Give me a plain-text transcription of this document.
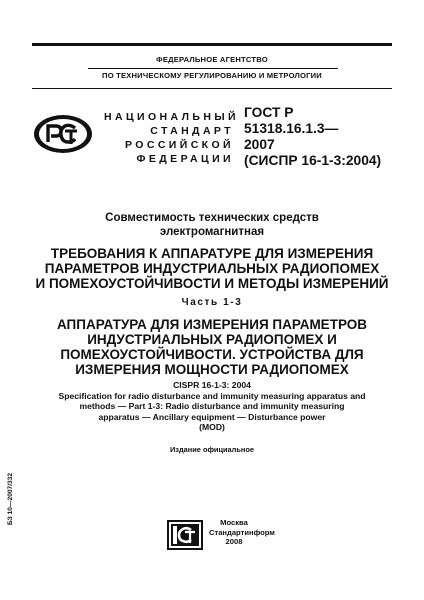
ФЕДЕРАЛЬНОЕ АГЕНТСТВО
ПО ТЕХНИЧЕСКОМУ РЕГУЛИРОВАНИЮ И МЕТРОЛОГИИ
НАЦИОНАЛЬНЫЙ
СТАНДАРТ
РОССИЙСКОЙ
ФЕДЕРАЦИИ
ГОСТ Р
51318.16.1.3—
2007
(СИСПР 16-1-3:2004)
Совместимость технических средств
электромагнитная
ТРЕБОВАНИЯ К АППАРАТУРЕ ДЛЯ ИЗМЕРЕНИЯ
ПАРАМЕТРОВ ИНДУСТРИАЛЬНЫХ РАДИОПОМЕХ
И ПОМЕХОУСТОЙЧИВОСТИ И МЕТОДЫ ИЗМЕРЕНИЙ
Часть 1-3
АППАРАТУРА ДЛЯ ИЗМЕРЕНИЯ ПАРАМЕТРОВ
ИНДУСТРИАЛЬНЫХ РАДИОПОМЕХ И
ПОМЕХОУСТОЙЧИВОСТИ. УСТРОЙСТВА ДЛЯ
ИЗМЕРЕНИЯ МОЩНОСТИ РАДИОПОМЕХ
CISPR 16-1-3: 2004
Specification for radio disturbance and immunity measuring apparatus and
methods — Part 1-3: Radio disturbance and immunity measuring
apparatus — Ancillary equipment — Disturbance power
(MOD)
Издание официальное
БЗ 10—2007/332	Москва
Стандартинформ
2008
